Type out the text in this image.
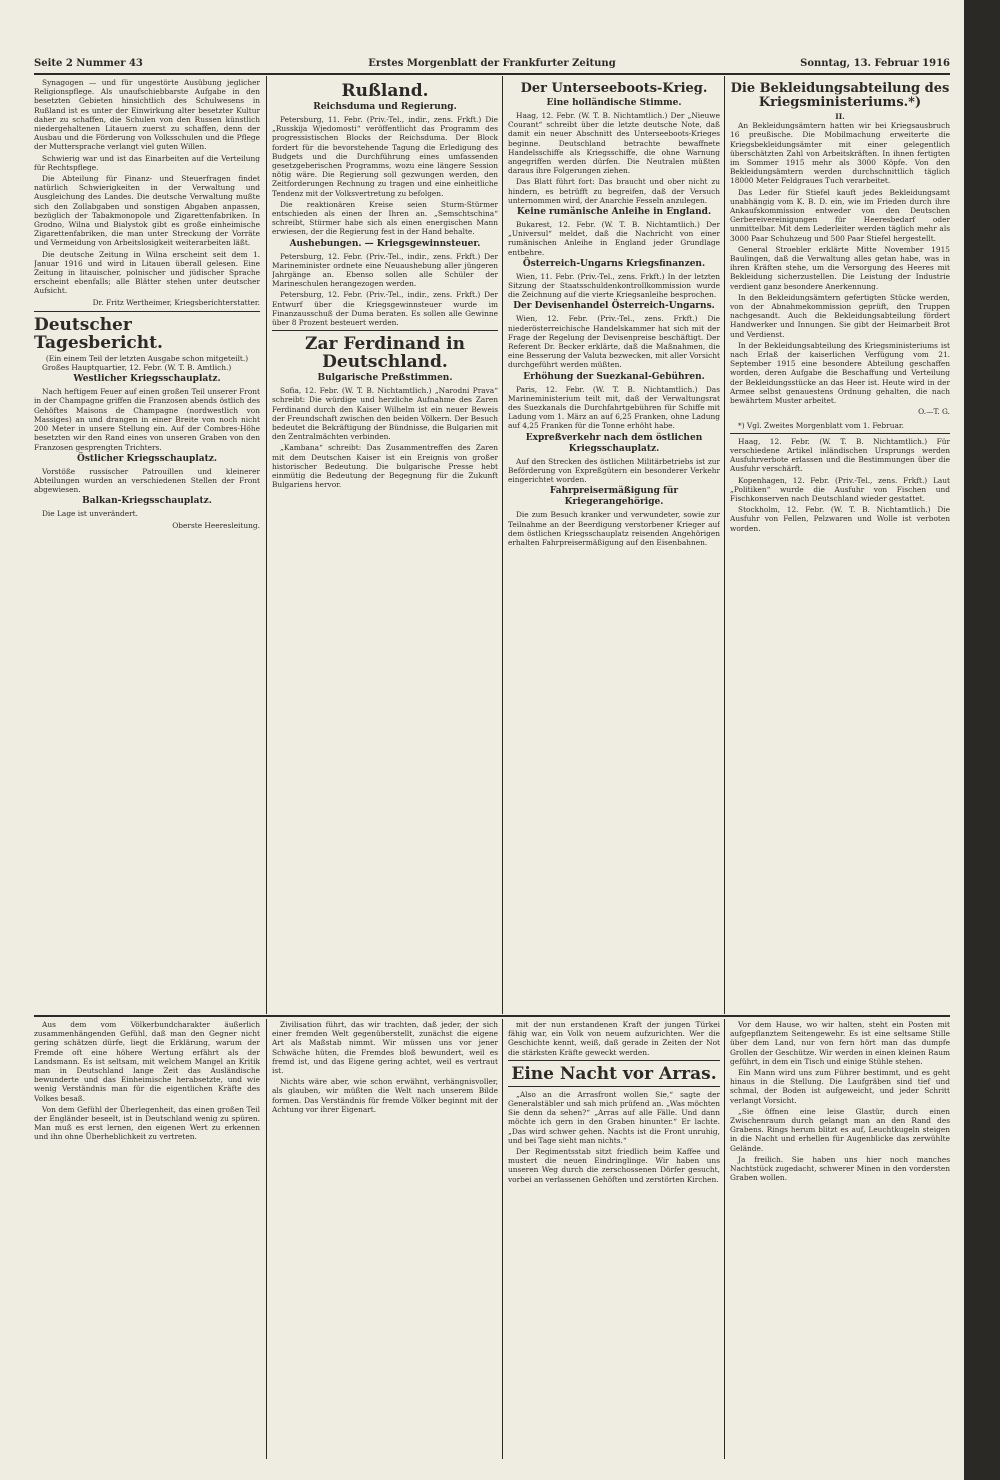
Seite 2 Nummer 43	Erstes Morgenblatt der Frankfurter Zeitung	Sonntag, 13. Februar 1916

Synagogen — und für ungestörte Ausübung jeglicher Religionspflege. Als unaufschiebbarste Aufgabe in den besetzten Gebieten hinsichtlich des Schulwesens in Rußland ist es unter der Einwirkung alter besetzter Kultur daher zu schaffen, die Schulen von den Russen künstlich niedergehaltenen Litauern zuerst zu schaffen, denn der Ausbau und die Förderung von Volksschulen und die Pflege der Muttersprache verlangt viel guten Willen.

Schwierig war und ist das Einarbeiten auf die Verteilung für Rechtspflege.

Die Abteilung für Finanz- und Steuerfragen findet natürlich Schwierigkeiten in der Verwaltung und Ausgleichung des Landes. Die deutsche Verwaltung mußte sich den Zollabgaben und sonstigen Abgaben anpassen, bezüglich der Tabakmonopole und Zigarettenfabriken. In Grodno, Wilna und Bialystok gibt es große einheimische Zigarettenfabriken, die man unter Streckung der Vorräte und Vermeidung von Arbeitslosigkeit weiterarbeiten läßt.

Die deutsche Zeitung in Wilna erscheint seit dem 1. Januar 1916 und wird in Litauen überall gelesen. Eine Zeitung in litauischer, polnischer und jüdischer Sprache erscheint ebenfalls; alle Blätter stehen unter deutscher Aufsicht.

Dr. Fritz Wertheimer, Kriegsberichterstatter.
Deutscher Tagesbericht.
(Ein einem Teil der letzten Ausgabe schon mitgeteilt.)

Großes Hauptquartier, 12. Febr. (W. T. B. Amtlich.)

Westlicher Kriegsschauplatz.

Nach heftigem Feuer auf einen großen Teil unserer Front in der Champagne griffen die Franzosen abends östlich des Gehöftes Maisons de Champagne (nordwestlich von Massiges) an und drangen in einer Breite von noch nicht 200 Meter in unsere Stellung ein. Auf der Combres-Höhe besetzten wir den Rand eines von unseren Graben von den Franzosen gesprengten Trichters.

Östlicher Kriegsschauplatz.

Vorstöße russischer Patrouillen und kleinerer Abteilungen wurden an verschiedenen Stellen der Front abgewiesen.

Balkan-Kriegsschauplatz.

Die Lage ist unverändert.

Oberste Heeresleitung.
Rußland.
Reichsduma und Regierung.

Petersburg, 11. Febr. (Priv.-Tel., indir., zens. Frkft.) Die „Russkija Wjedomosti“ veröffentlicht das Programm des progressistischen Blocks der Reichsduma. Der Block fordert für die bevorstehende Tagung die Erledigung des Budgets und die Durchführung eines umfassenden gesetzgeberischen Programms, wozu eine längere Session nötig wäre. Die Regierung soll gezwungen werden, den Zeitforderungen Rechnung zu tragen und eine einheitliche Tendenz mit der Volksvertretung zu befolgen.

Die reaktionären Kreise seien Sturm-Stürmer entschieden als einen der Ihren an. „Semschtschina“ schreibt, Stürmer habe sich als einen energischen Mann erwiesen, der die Regierung fest in der Hand behalte.

Aushebungen. — Kriegsgewinnsteuer.

Petersburg, 12. Febr. (Priv.-Tel., indir., zens. Frkft.) Der Marineminister ordnete eine Neuaushebung aller jüngeren Jahrgänge an. Ebenso sollen alle Schüler der Marineschulen herangezogen werden.

Petersburg, 12. Febr. (Priv.-Tel., indir., zens. Frkft.) Der Entwurf über die Kriegsgewinnsteuer wurde im Finanzausschuß der Duma beraten. Es sollen alle Gewinne über 8 Prozent besteuert werden.

Zar Ferdinand in Deutschland.
Bulgarische Preßstimmen.

Sofia, 12. Febr. (W. T. B. Nichtamtlich.) „Narodni Prava“ schreibt: Die würdige und herzliche Aufnahme des Zaren Ferdinand durch den Kaiser Wilhelm ist ein neuer Beweis der Freundschaft zwischen den beiden Völkern. Der Besuch bedeutet die Bekräftigung der Bündnisse, die Bulgarien mit den Zentralmächten verbinden.

„Kambana“ schreibt: Das Zusammentreffen des Zaren mit dem Deutschen Kaiser ist ein Ereignis von großer historischer Bedeutung. Die bulgarische Presse hebt einmütig die Bedeutung der Begegnung für die Zukunft Bulgariens hervor.

Der Unterseeboots-Krieg.
Eine holländische Stimme.

Haag, 12. Febr. (W. T. B. Nichtamtlich.) Der „Nieuwe Courant“ schreibt über die letzte deutsche Note, daß damit ein neuer Abschnitt des Unterseeboots-Krieges beginne. Deutschland betrachte bewaffnete Handelsschiffe als Kriegsschiffe, die ohne Warnung angegriffen werden dürfen. Die Neutralen müßten daraus ihre Folgerungen ziehen.

Das Blatt führt fort: Das braucht und ober nicht zu hindern, es betrüfft zu begreifen, daß der Versuch unternommen wird, der Anarchie Fesseln anzulegen.

Keine rumänische Anleihe in England.

Bukarest, 12. Febr. (W. T. B. Nichtamtlich.) Der „Universul“ meldet, daß die Nachricht von einer rumänischen Anleihe in England jeder Grundlage entbehre.

Österreich-Ungarns Kriegsfinanzen.

Wien, 11. Febr. (Priv.-Tel., zens. Frkft.) In der letzten Sitzung der Staatsschuldenkontrollkommission wurde die Zeichnung auf die vierte Kriegsanleihe besprochen.

Der Devisenhandel Österreich-Ungarns.

Wien, 12. Febr. (Priv.-Tel., zens. Frkft.) Die niederösterreichische Handelskammer hat sich mit der Frage der Regelung der Devisenpreise beschäftigt. Der Referent Dr. Becker erklärte, daß die Maßnahmen, die eine Besserung der Valuta bezwecken, mit aller Vorsicht durchgeführt werden müßten.

Erhöhung der Suezkanal-Gebühren.

Paris, 12. Febr. (W. T. B. Nichtamtlich.) Das Marineministerium teilt mit, daß der Verwaltungsrat des Suezkanals die Durchfahrtgebühren für Schiffe mit Ladung vom 1. März an auf 6,25 Franken, ohne Ladung auf 4,25 Franken für die Tonne erhöht habe.

Expreßverkehr nach dem östlichen Kriegsschauplatz.

Auf den Strecken des östlichen Militärbetriebs ist zur Beförderung von Expreßgütern ein besonderer Verkehr eingerichtet worden.

Fahrpreisermäßigung für Kriegerangehörige.

Die zum Besuch kranker und verwundeter, sowie zur Teilnahme an der Beerdigung verstorbener Krieger auf dem östlichen Kriegsschauplatz reisenden Angehörigen erhalten Fahrpreisermäßigung auf den Eisenbahnen.

Die Bekleidungsabteilung des Kriegsministeriums.*)
II.

An Bekleidungsämtern hatten wir bei Kriegsausbruch 16 preußische. Die Mobilmachung erweiterte die Kriegsbekleidungsämter mit einer gelegentlich überschätzten Zahl von Arbeitskräften. In ihnen fertigten im Sommer 1915 mehr als 3000 Köpfe. Von den Bekleidungsämtern werden durchschnittlich täglich 18000 Meter Feldgraues Tuch verarbeitet.

Das Leder für Stiefel kauft jedes Bekleidungsamt unabhängig vom K. B. D. ein, wie im Frieden durch ihre Ankaufskommission entweder von den Deutschen Gerbereivereinigungen für Heeresbedarf oder unmittelbar. Mit dem Lederleiter werden täglich mehr als 3000 Paar Schuhzeug und 500 Paar Stiefel hergestellt.

General Stroebler erklärte Mitte November 1915 Baulingen, daß die Verwaltung alles getan habe, was in ihren Kräften stehe, um die Versorgung des Heeres mit Bekleidung sicherzustellen. Die Leistung der Industrie verdient ganz besondere Anerkennung.

In den Bekleidungsämtern gefertigten Stücke werden, von der Abnahmekommission geprüft, den Truppen nachgesandt. Auch die Bekleidungsabteilung fördert Handwerker und Innungen. Sie gibt der Heimarbeit Brot und Verdienst.

In der Bekleidungsabteilung des Kriegsministeriums ist nach Erlaß der kaiserlichen Verfügung vom 21. September 1915 eine besondere Abteilung geschaffen worden, deren Aufgabe die Beschaffung und Verteilung der Bekleidungsstücke an das Heer ist. Heute wird in der Armee selbst genauestens Ordnung gehalten, die nach bewährtem Muster arbeitet.

O.—T. G.

*) Vgl. Zweites Morgenblatt vom 1. Februar.

Haag, 12. Febr. (W. T. B. Nichtamtlich.) Für verschiedene Artikel inländischen Ursprungs werden Ausfuhrverbote erlassen und die Bestimmungen über die Ausfuhr verschärft.

Kopenhagen, 12. Febr. (Priv.-Tel., zens. Frkft.) Laut „Politiken“ wurde die Ausfuhr von Fischen und Fischkonserven nach Deutschland wieder gestattet.

Stockholm, 12. Febr. (W. T. B. Nichtamtlich.) Die Ausfuhr von Fellen, Pelzwaren und Wolle ist verboten worden.

Aus dem vom Völkerbundcharakter äußerlich zusammenhängenden Gefühl, daß man den Gegner nicht gering schätzen dürfe, liegt die Erklärung, warum der Fremde oft eine höhere Wertung erfährt als der Landsmann. Es ist seltsam, mit welchem Mangel an Kritik man in Deutschland lange Zeit das Ausländische bewunderte und das Einheimische herabsetzte, und wie wenig Verständnis man für die eigentlichen Kräfte des Volkes besaß.

Von dem Gefühl der Überlegenheit, das einen großen Teil der Engländer beseelt, ist in Deutschland wenig zu spüren. Man muß es erst lernen, den eigenen Wert zu erkennen und ihn ohne Überheblichkeit zu vertreten.

Zivilisation führt, das wir trachten, daß jeder, der sich einer fremden Welt gegenüberstellt, zunächst die eigene Art als Maßstab nimmt. Wir müssen uns vor jener Schwäche hüten, die Fremdes bloß bewundert, weil es fremd ist, und das Eigene gering achtet, weil es vertraut ist.

Nichts wäre aber, wie schon erwähnt, verhängnisvoller, als glauben, wir müßten die Welt nach unserem Bilde formen. Das Verständnis für fremde Völker beginnt mit der Achtung vor ihrer Eigenart.

mit der nun erstandenen Kraft der jungen Türkei fähig war, ein Volk von neuem aufzurichten. Wer die Geschichte kennt, weiß, daß gerade in Zeiten der Not die stärksten Kräfte geweckt werden.

Eine Nacht vor Arras.

„Also an die Arrasfront wollen Sie,“ sagte der Generalstäbler und sah mich prüfend an. „Was möchten Sie denn da sehen?“ „Arras auf alle Fälle. Und dann möchte ich gern in den Graben hinunter.“ Er lachte. „Das wird schwer gehen. Nachts ist die Front unruhig, und bei Tage sieht man nichts.“

Der Regimentsstab sitzt friedlich beim Kaffee und mustert die neuen Eindringlinge. Wir haben uns unseren Weg durch die zerschossenen Dörfer gesucht, vorbei an verlassenen Gehöften und zerstörten Kirchen.

Vor dem Hause, wo wir halten, steht ein Posten mit aufgepflanztem Seitengewehr. Es ist eine seltsame Stille über dem Land, nur von fern hört man das dumpfe Grollen der Geschütze. Wir werden in einen kleinen Raum geführt, in dem ein Tisch und einige Stühle stehen.

Ein Mann wird uns zum Führer bestimmt, und es geht hinaus in die Stellung. Die Laufgräben sind tief und schmal, der Boden ist aufgeweicht, und jeder Schritt verlangt Vorsicht.

„Sie öffnen eine leise Glastür, durch einen Zwischenraum durch gelangt man an den Rand des Grabens. Rings herum blitzt es auf, Leuchtkugeln steigen in die Nacht und erhellen für Augenblicke das zerwühlte Gelände.

Ja freilich. Sie haben uns hier noch manches Nachtstück zugedacht, schwerer Minen in den vordersten Graben wollen.
